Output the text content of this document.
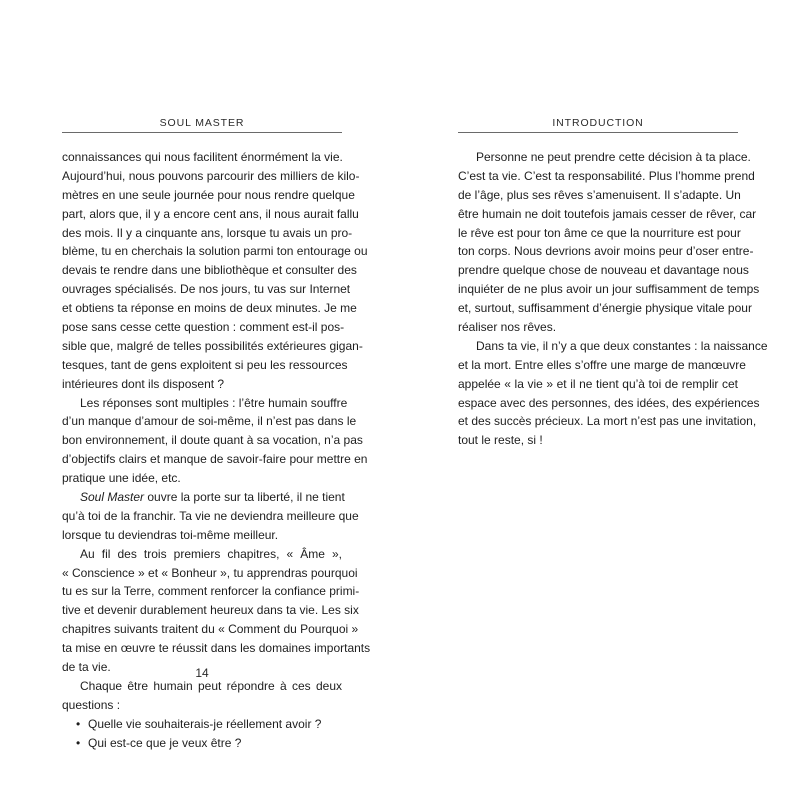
SOUL MASTER
connaissances qui nous facilitent énormément la vie.
Aujourd’hui, nous pouvons parcourir des milliers de kilo-
mètres en une seule journée pour nous rendre quelque
part, alors que, il y a encore cent ans, il nous aurait fallu
des mois. Il y a cinquante ans, lorsque tu avais un pro-
blème, tu en cherchais la solution parmi ton entourage ou
devais te rendre dans une bibliothèque et consulter des
ouvrages spécialisés. De nos jours, tu vas sur Internet
et obtiens ta réponse en moins de deux minutes. Je me
pose sans cesse cette question : comment est-il pos-
sible que, malgré de telles possibilités extérieures gigan-
tesques, tant de gens exploitent si peu les ressources
intérieures dont ils disposent ?
Les réponses sont multiples : l’être humain souffre
d’un manque d’amour de soi-même, il n’est pas dans le
bon environnement, il doute quant à sa vocation, n’a pas
d’objectifs clairs et manque de savoir-faire pour mettre en
pratique une idée, etc.
Soul Master ouvre la porte sur ta liberté, il ne tient
qu’à toi de la franchir. Ta vie ne deviendra meilleure que
lorsque tu deviendras toi-même meilleur.
Au fil des trois premiers chapitres, « Âme »,
« Conscience » et « Bonheur », tu apprendras pourquoi
tu es sur la Terre, comment renforcer la confiance primi-
tive et devenir durablement heureux dans ta vie. Les six
chapitres suivants traitent du « Comment du Pourquoi »
ta mise en œuvre te réussit dans les domaines importants
de ta vie.
Chaque être humain peut répondre à ces deux
questions :
• Quelle vie souhaiterais-je réellement avoir ?
• Qui est-ce que je veux être ?
14
INTRODUCTION
Personne ne peut prendre cette décision à ta place.
C’est ta vie. C’est ta responsabilité. Plus l’homme prend
de l’âge, plus ses rêves s’amenuisent. Il s’adapte. Un
être humain ne doit toutefois jamais cesser de rêver, car
le rêve est pour ton âme ce que la nourriture est pour
ton corps. Nous devrions avoir moins peur d’oser entre-
prendre quelque chose de nouveau et davantage nous
inquiéter de ne plus avoir un jour suffisamment de temps
et, surtout, suffisamment d’énergie physique vitale pour
réaliser nos rêves.
Dans ta vie, il n’y a que deux constantes : la naissance
et la mort. Entre elles s’offre une marge de manœuvre
appelée « la vie » et il ne tient qu’à toi de remplir cet
espace avec des personnes, des idées, des expériences
et des succès précieux. La mort n’est pas une invitation,
tout le reste, si !
